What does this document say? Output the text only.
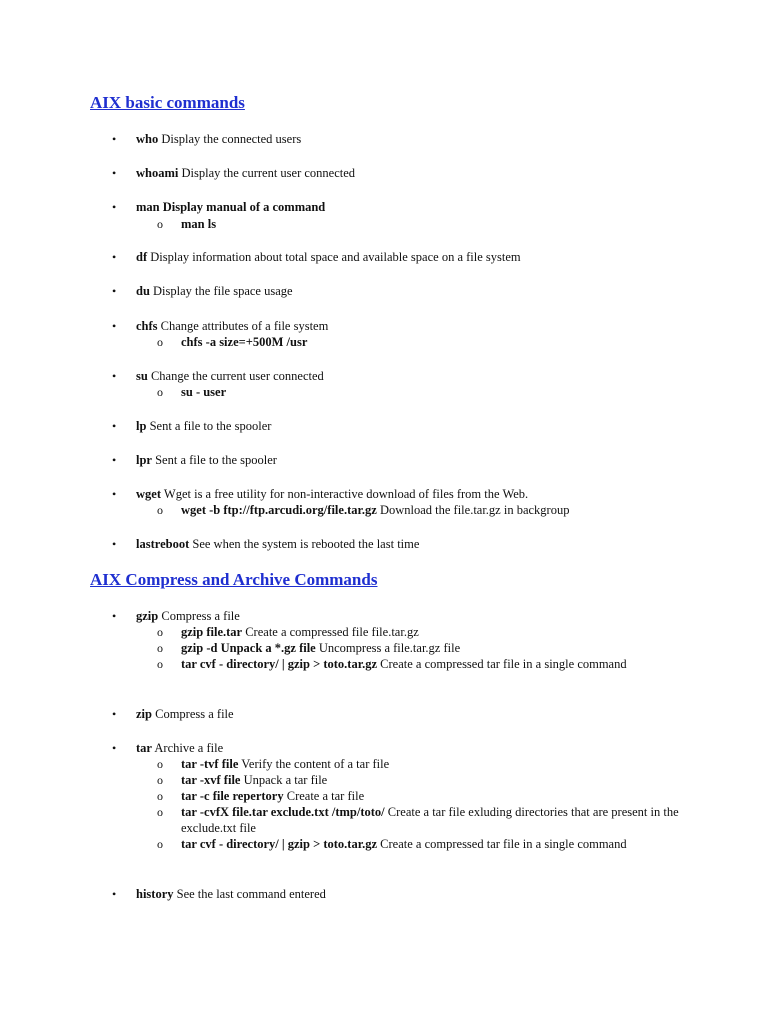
AIX basic commands
• who Display the connected users
• whoami Display the current user connected
• man Display manual of a command
o man ls
• df Display information about total space and available space on a file system
• du Display the file space usage
• chfs Change attributes of a file system
o chfs -a size=+500M /usr
• su Change the current user connected
o su - user
• lp Sent a file to the spooler
• lpr Sent a file to the spooler
• wget Wget is a free utility for non-interactive download of files from the Web.
o wget -b ftp://ftp.arcudi.org/file.tar.gz Download the file.tar.gz in backgroup
• lastreboot See when the system is rebooted the last time
AIX Compress and Archive Commands
• gzip Compress a file
o gzip file.tar Create a compressed file file.tar.gz
o gzip -d Unpack a *.gz file Uncompress a file.tar.gz file
o tar cvf - directory/ | gzip > toto.tar.gz Create a compressed tar file in a single command
• zip Compress a file
• tar Archive a file
o tar -tvf file Verify the content of a tar file
o tar -xvf file Unpack a tar file
o tar -c file repertory Create a tar file
o tar -cvfX file.tar exclude.txt /tmp/toto/ Create a tar file exluding directories that are present in the exclude.txt file
o tar cvf - directory/ | gzip > toto.tar.gz Create a compressed tar file in a single command
• history See the last command entered
